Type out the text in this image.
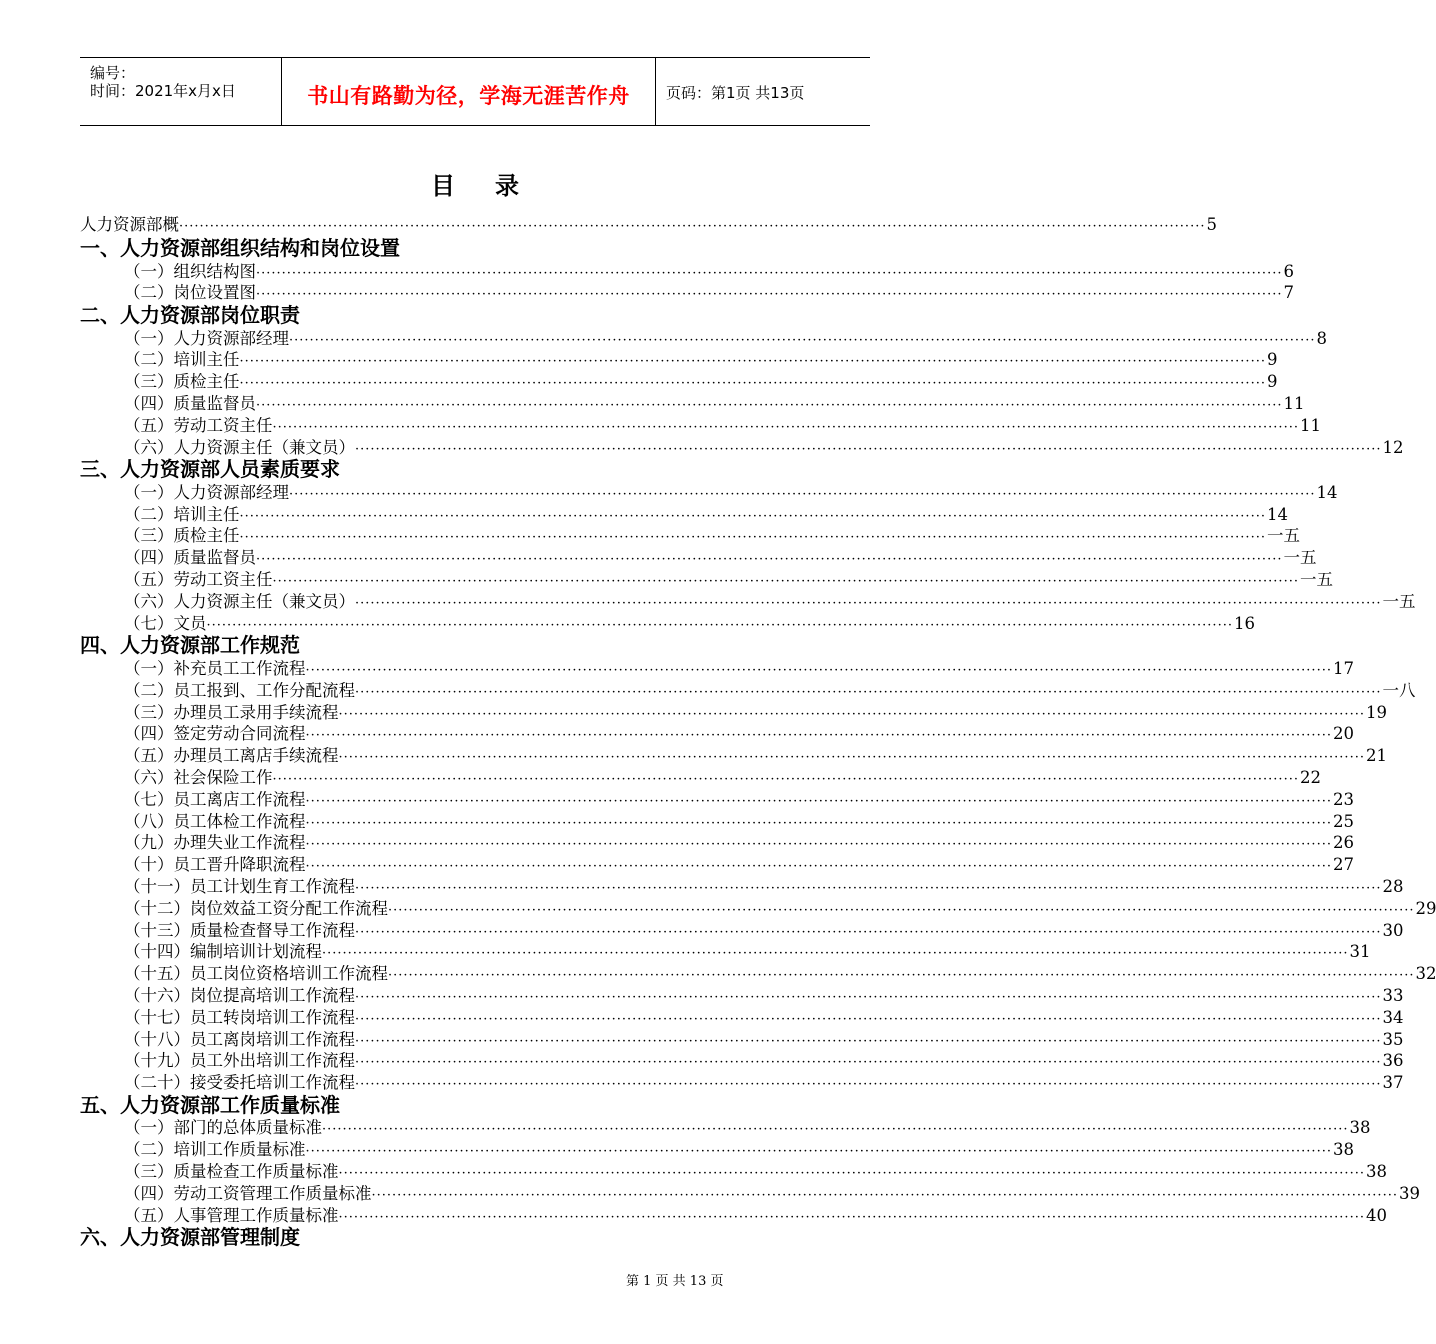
编号：
时间：2021年x月x日	书山有路勤为径，学海无涯苦作舟	页码：第1页 共13页
目 录
人力资源部概 ········································································································································································································ 5
一、人力资源部组织结构和岗位设置
（一）组织结构图 ········································································································································································································ 6
（二）岗位设置图 ········································································································································································································ 7
二、人力资源部岗位职责
（一）人力资源部经理 ········································································································································································································ 8
（二）培训主任 ········································································································································································································ 9
（三）质检主任 ········································································································································································································ 9
（四）质量监督员 ········································································································································································································ 11
（五）劳动工资主任 ········································································································································································································ 11
（六）人力资源主任（兼文员） ········································································································································································································ 12
三、人力资源部人员素质要求
（一）人力资源部经理 ········································································································································································································ 14
（二）培训主任 ········································································································································································································ 14
（三）质检主任 ········································································································································································································ 一五
（四）质量监督员 ········································································································································································································ 一五
（五）劳动工资主任 ········································································································································································································ 一五
（六）人力资源主任（兼文员） ········································································································································································································ 一五
（七）文员 ········································································································································································································ 16
四、人力资源部工作规范
（一）补充员工工作流程 ········································································································································································································ 17
（二）员工报到、工作分配流程 ········································································································································································································ 一八
（三）办理员工录用手续流程 ········································································································································································································ 19
（四）签定劳动合同流程 ········································································································································································································ 20
（五）办理员工离店手续流程 ········································································································································································································ 21
（六）社会保险工作 ········································································································································································································ 22
（七）员工离店工作流程 ········································································································································································································ 23
（八）员工体检工作流程 ········································································································································································································ 25
（九）办理失业工作流程 ········································································································································································································ 26
（十）员工晋升降职流程 ········································································································································································································ 27
（十一）员工计划生育工作流程 ········································································································································································································ 28
（十二）岗位效益工资分配工作流程 ········································································································································································································ 29
（十三）质量检查督导工作流程 ········································································································································································································ 30
（十四）编制培训计划流程 ········································································································································································································ 31
（十五）员工岗位资格培训工作流程 ········································································································································································································ 32
（十六）岗位提高培训工作流程 ········································································································································································································ 33
（十七）员工转岗培训工作流程 ········································································································································································································ 34
（十八）员工离岗培训工作流程 ········································································································································································································ 35
（十九）员工外出培训工作流程 ········································································································································································································ 36
（二十）接受委托培训工作流程 ········································································································································································································ 37
五、人力资源部工作质量标准
（一）部门的总体质量标准 ········································································································································································································ 38
（二）培训工作质量标准 ········································································································································································································ 38
（三）质量检查工作质量标准 ········································································································································································································ 38
（四）劳动工资管理工作质量标准 ········································································································································································································ 39
（五）人事管理工作质量标准 ········································································································································································································ 40
六、人力资源部管理制度
第 1 页 共 13 页
